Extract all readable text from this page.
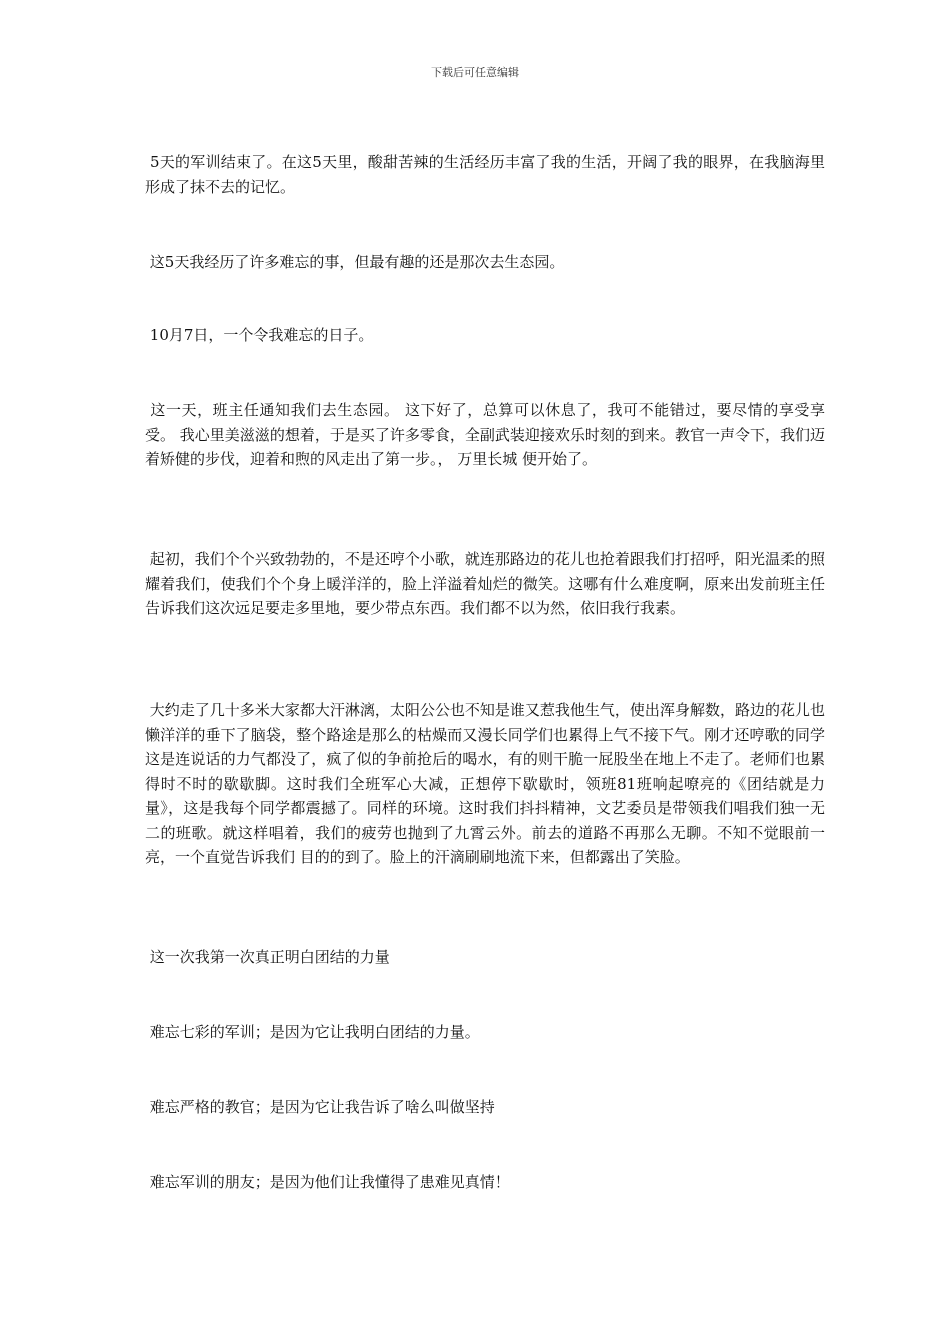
下载后可任意编辑

5天的军训结束了。在这5天里，酸甜苦辣的生活经历丰富了我的生活，开阔了我的眼界，在我脑海里形成了抹不去的记忆。

这5天我经历了许多难忘的事，但最有趣的还是那次去生态园。

10月7日，一个令我难忘的日子。

这一天，班主任通知我们去生态园。 这下好了，总算可以休息了，我可不能错过，要尽情的享受享受。 我心里美滋滋的想着，于是买了许多零食，全副武装迎接欢乐时刻的到来。教官一声令下，我们迈着矫健的步伐，迎着和煦的风走出了第一步。， 万里长城 便开始了。

起初，我们个个兴致勃勃的，不是还哼个小歌，就连那路边的花儿也抢着跟我们打招呼，阳光温柔的照耀着我们，使我们个个身上暖洋洋的，脸上洋溢着灿烂的微笑。这哪有什么难度啊，原来出发前班主任告诉我们这次远足要走多里地，要少带点东西。我们都不以为然，依旧我行我素。

大约走了几十多米大家都大汗淋漓，太阳公公也不知是谁又惹我他生气，使出浑身解数，路边的花儿也懒洋洋的垂下了脑袋，整个路途是那么的枯燥而又漫长同学们也累得上气不接下气。刚才还哼歌的同学这是连说话的力气都没了，疯了似的争前抢后的喝水，有的则干脆一屁股坐在地上不走了。老师们也累得时不时的歇歇脚。这时我们全班军心大减，正想停下歇歇时，领班81班响起嘹亮的《团结就是力量》，这是我每个同学都震撼了。同样的环境。这时我们抖抖精神，文艺委员是带领我们唱我们独一无二的班歌。就这样唱着，我们的疲劳也抛到了九霄云外。前去的道路不再那么无聊。不知不觉眼前一亮，一个直觉告诉我们 目的的到了。脸上的汗滴刷刷地流下来，但都露出了笑脸。

这一次我第一次真正明白团结的力量

难忘七彩的军训；是因为它让我明白团结的力量。

难忘严格的教官；是因为它让我告诉了啥么叫做坚持

难忘军训的朋友；是因为他们让我懂得了患难见真情！
